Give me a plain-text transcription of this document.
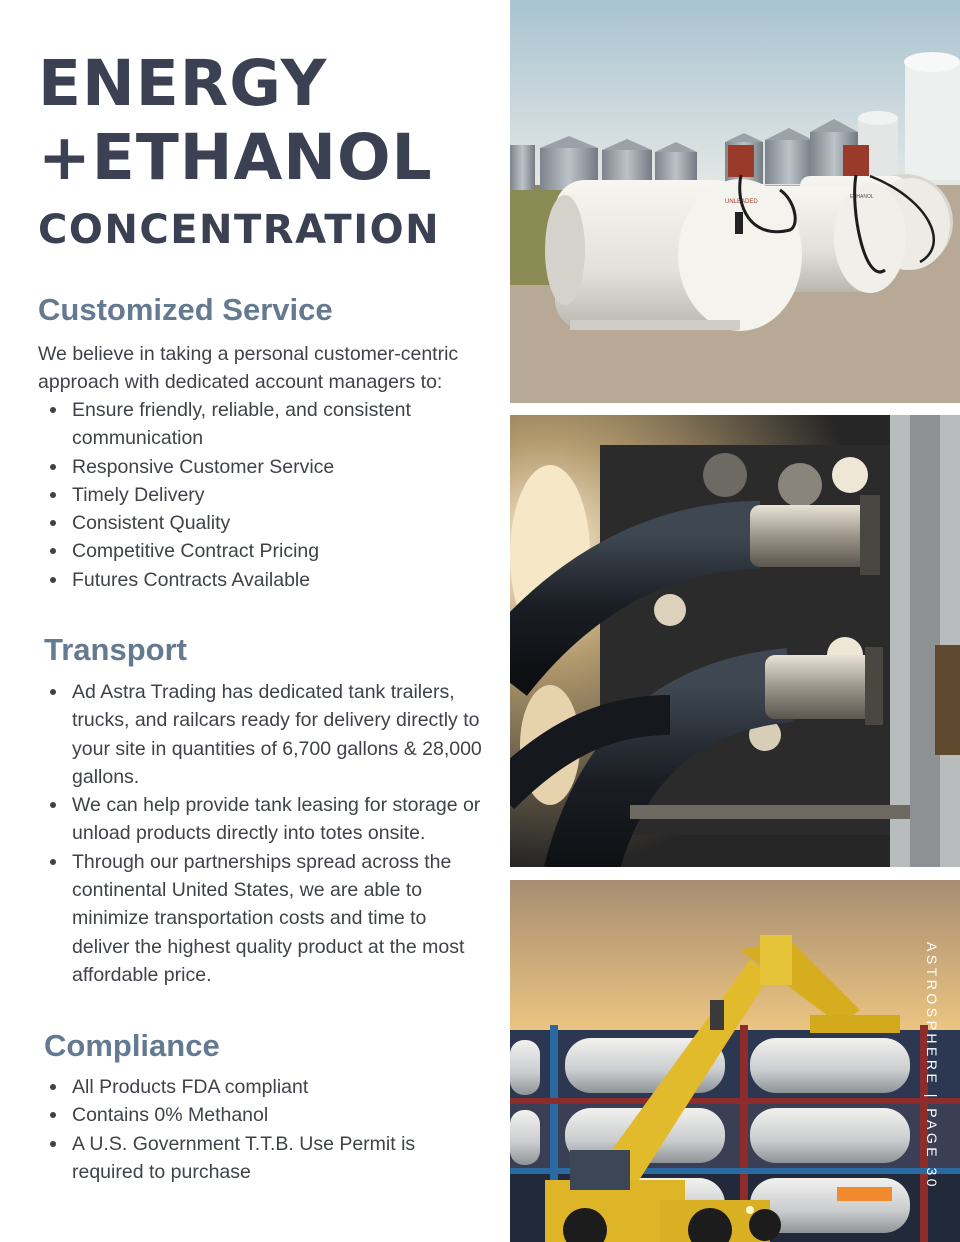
ENERGY
+ETHANOL
CONCENTRATION
Customized Service

We believe in taking a personal customer-centric approach with dedicated account managers to:

Ensure friendly, reliable, and consistent communication
Responsive Customer Service
Timely Delivery
Consistent Quality
Competitive Contract Pricing
Futures Contracts Available
Transport
Ad Astra Trading has dedicated tank trailers, trucks, and railcars ready for delivery directly to your site in quantities of 6,700 gallons & 28,000 gallons.
We can help provide tank leasing for storage or unload products directly into totes onsite.
Through our partnerships spread across the continental United States, we are able to minimize transportation costs and time to deliver the highest quality product at the most affordable price.
Compliance
All Products FDA compliant
Contains 0% Methanol
A U.S. Government T.T.B. Use Permit is required to purchase
UNLEADED
ETHANOL
ASTROSPHERE | PAGE 30
